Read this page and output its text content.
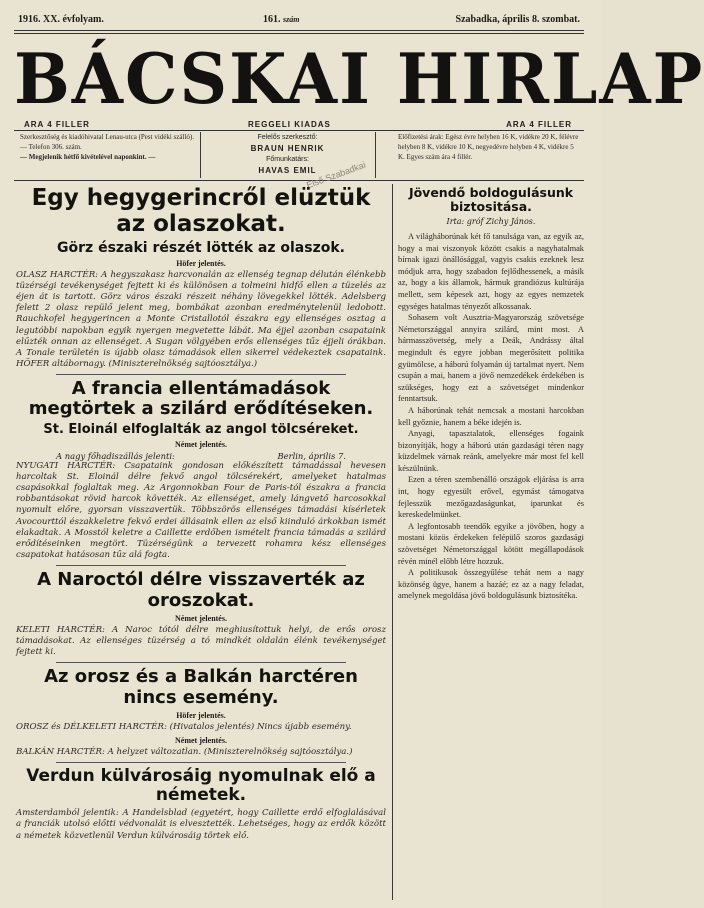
1916. XX. évfolyam.	161. szám	Szabadka, április 8. szombat.
BÁCSKAI HIRLAP
ARA 4 FILLER	REGGELI KIADAS	ARA 4 FILLER
Szerkesztőség és kiadóhivatal Lenau-utca (Pest vidéki szálló). — Telefon 306. szám.
— Megjelenik hétfő kivételével naponkint. —
Felelős szerkesztő:
BRAUN HENRIK
Főmunkatárs:
HAVAS EMIL
Előfizetési árak: Egész évre helyben 16 K, vidékre 20 K, félévre helyben 8 K, vidékre 10 K, negyedévre helyben 4 K, vidékre 5 K. Egyes szám ára 4 fillér.
Első Szabadkai

Egy hegygerincről elüztük az olaszokat.

Görz északi részét lötték az olaszok.

Höfer jelentés.

OLASZ HARCTÉR: A hegyszakasz harcvonalán az ellenség tegnap délután élénkebb tüzérségi tevékenységet fejtett ki és különösen a tolmeini hidfő ellen a tüzelés az éjen át is tartott. Görz város északi részeit néhány lövegekkel lötték. Adelsberg felett 2 olasz repülő jelent meg, bombákat azonban eredménytelenül ledobott. Rauchkofel hegygerincen a Monte Cristallotól északra egy ellenséges osztag a legutóbbi napokban egyik nyergen megvetette lábát. Ma éjjel azonban csapataink elűzték onnan az ellenséget. A Sugan völgyében erős ellenséges tűz éjjeli órákban. A Tonale területén is újabb olasz támadások ellen sikerrel védekeztek csapataink. HÖFER altábornagy. (Miniszterelnökség sajtóosztálya.)

A francia ellentámadások megtörtek a szilárd erődítéseken.

St. Eloinál elfoglalták az angol tölcséreket.

Német jelentés.
A nagy főhadiszállás jelenti:	Berlin, április 7.

NYUGATI HARCTÉR: Csapataink gondosan előkészített támadással hevesen harcoltak St. Eloinál délre fekvő angol tölcsérekért, amelyeket hatalmas csapásokkal foglaltak meg. Az Argonnokban Four de Paris-tól északra a francia robbantásokat rövid harcok követték. Az ellenséget, amely lángvető harcosokkal nyomult előre, gyorsan visszavertük. Többszörös ellenséges támadási kísérletek Avocourttól északkeletre fekvő erdei állásaink ellen az első kiinduló árkokban ismét elakadtak. A Mosstól keletre a Caillette erdőben ismételt francia támadás a szilárd erődítéseinken megtört. Tüzérségünk a tervezett rohamra kész ellenséges csapatokat hatásosan tűz alá fogta.

A Naroctól délre visszaverték az oroszokat.

Német jelentés.

KELETI HARCTÉR: A Naroc tótól délre meghiusítottuk helyi, de erős orosz támadásokat. Az ellenséges tüzérség a tó mindkét oldalán élénk tevékenységet fejtett ki.

Az orosz és a Balkán harctéren nincs esemény.

Höfer jelentés.

OROSZ és DÉLKELETI HARCTÉR: (Hivatalos jelentés) Nincs újabb esemény.

Német jelentés.

BALKÁN HARCTÉR: A helyzet változatlan. (Miniszterelnökség sajtóosztálya.)

Verdun külvárosáig nyomulnak elő a németek.

Amsterdamból jelentik: A Handelsblad (egyetért, hogy Caillette erdő elfoglalásával a franciák utolsó előtti védvonalát is elvesztették. Lehetséges, hogy az erdők között a németek közvetlenül Verdun külvárosáig törtek elő.

Jövendő boldogulásunk biztositása.

Irta: gróf Zichy János.

A világháborúnak két fő tanulsága van, az egyik az, hogy a mai viszonyok között csakis a nagyhatalmak bírnak igazi önállósággal, vagyis csakis ezeknek lesz módjuk arra, hogy szabadon fejlődhessenek, a másik az, hogy a kis államok, hármuk grandiózus kultúrája mellett, sem képesek azt, hogy az egyes nemzetek egységes hatalmas tényezőt alkossanak.

Sohasem volt Ausztria-Magyarország szövetsége Németországgal annyira szilárd, mint most. A hármasszövetség, mely a Deák, Andrássy által megindult és egyre jobban megerősített politika gyümölcse, a háború folyamán új tartalmat nyert. Nem csupán a mai, hanem a jövő nemzedékek érdekében is szükséges, hogy ezt a szövetséget mindenkor fenntartsuk.

A háborúnak tehát nemcsak a mostani harcokban kell győznie, hanem a béke idején is.

Anyagi, tapasztalatok, ellenséges fogaink bizonyítják, hogy a háború után gazdasági téren nagy küzdelmek várnak reánk, amelyekre már most fel kell készülnünk.

Ezen a téren szembenálló országok eljárása is arra int, hogy egyesült erővel, egymást támogatva fejlesszük mezőgazdaságunkat, iparunkat és kereskedelmünket.

A legfontosabb teendők egyike a jövőben, hogy a mostani közös érdekeken felépülő szoros gazdasági szövetséget Németországgal kötött megállapodások révén minél előbb létre hozzuk.

A politikusok összegyűlése tehát nem a nagy közönség ügye, hanem a hazáé; ez az a nagy feladat, amelynek megoldása jövő boldogulásunk biztosítéka.
